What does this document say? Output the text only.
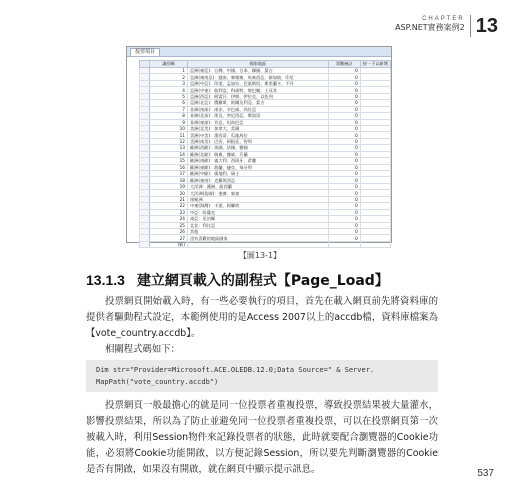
CHAPTER
ASP.NET實務案例2 13
投票項目
	識別碼	國家地區	票數統計	按一下以新增
	1	亞洲(東亞)：台灣、中國、日本、韓國、蒙古	0	
	2	亞洲(東南亞)：越南、柬埔寨、馬來西亞、新加坡、印尼	0	
	3	亞洲(中亞)：印度、孟加拉、巴基斯坦、斯里蘭卡、不丹	0	
	4	亞洲(中東)：敘利亞、科威特、黎巴嫩、土耳其	0	
	5	亞洲(西亞)：阿富汗、伊朗、伊拉克、以色列	0	
	6	亞洲(北亞)：俄羅斯、阿爾及利亞、蒙古	0	
	7	非洲(南部)：南非、辛巴威、尚比亞	0	
	8	非洲(北部)：埃及、突尼西亞、摩洛哥	0	
	9	非洲(東部)：肯亞、坦尚尼亞	0	
	10	美洲(北美)：加拿大、美國	0	
	11	美洲(中美)：墨西哥、瓜地馬拉	0	
	12	美洲(南美)：巴西、阿根廷、智利	0	
	13	歐洲(西歐)：英國、法國、德國	0	
	14	歐洲(北歐)：瑞典、挪威、芬蘭	0	
	15	歐洲(南歐)：義大利、西班牙、希臘	0	
	16	歐洲(東歐)：波蘭、捷克、匈牙利	0	
	17	歐洲(中歐)：奧地利、瑞士	0	
	18	歐洲(東南)：克羅埃西亞	0	
	19	大洋洲：澳洲、紐西蘭	0	
	20	大洋洲(島國)：斐濟、東加	0	
	21	南極洲	0	
	22	中東(海灣)：卡達、阿聯酋	0	
	23	中亞：哈薩克	0	
	24	南亞：尼泊爾	0	
	25	北非：利比亞	0	
	26	其他	0	
	27	沒有喜歡的地區國家	0	
	(新)			
【圖13-1】
13.1.3 建立網頁載入的副程式【Page_Load】
投票網頁開始載入時，有一些必要執行的項目，首先在載入網頁前先將資料庫的提供者驅動程式設定，本範例使用的是Access 2007以上的accdb檔，資料庫檔案為【vote_country.accdb】。
相關程式碼如下：
Dim str="Provider=Microsoft.ACE.OLEDB.12.0;Data Source=" & Server.
MapPath("vote_country.accdb")
投票網頁一般最擔心的就是同一位投票者重複投票，導致投票結果被大量灌水，影響投票結果，所以為了防止並避免同一位投票者重複投票，可以在投票網頁第一次被載入時，利用Session物件來記錄投票者的狀態，此時就要配合瀏覽器的Cookie功能，必須將Cookie功能開啟，以方便記錄Session，所以要先判斷瀏覽器的Cookie是否有開啟，如果沒有開啟，就在網頁中顯示提示訊息。	537
